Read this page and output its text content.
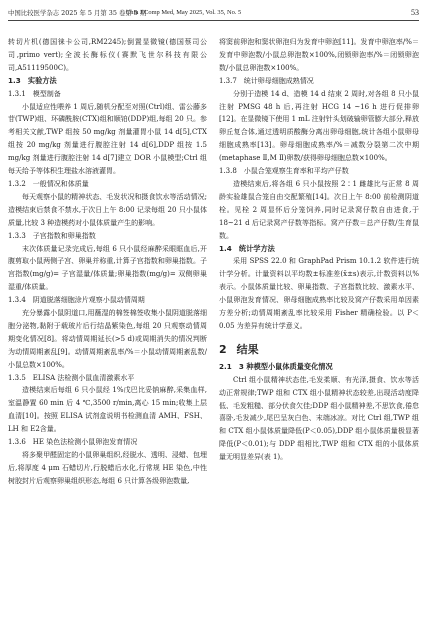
中国比较医学杂志 2025 年 5 月第 35 卷第 5 期
Chin J Comp Med, May 2025, Vol. 35, No. 5	53

转切片机(德国徕卡公司,RM2245);倒置显微镜(德国蔡司公司,primo vert);全波长酶标仪(赛默飞世尔科技有限公司,A51119500C)。

1.3　实验方法
1.3.1　模型制备

小鼠适应性喂养 1 周后,随机分配至对照(Ctrl)组、雷公藤多苷(TWP)组、环磷酰胺(CTX)组和顺铂(DDP)组,每组 20 只。参考相关文献,TWP 组按 50 mg/kg 剂量灌胃小鼠 14 d[5],CTX 组按 20 mg/kg 剂量进行腹腔注射 14 d[6],DDP 组按 1.5 mg/kg 剂量进行腹腔注射 14 d[7]建立 DOR 小鼠模型;Ctrl 组每天给予等体积生理盐水溶液灌胃。

1.3.2　一般情况和体质量

每天观察小鼠的精神状态、毛发状况和摄食饮水等活动情况;造模结束后禁食不禁水,于次日上午 8:00 记录每组 20 只小鼠体质量,比较 3 种造模药对小鼠体质量产生的影响。

1.3.3　子宫指数和卵巢指数

末次体质量记录完成后,每组 6 只小鼠经麻醉采眼眶血后,开腹剪取小鼠两侧子宫、卵巢并称重,计算子宫指数和卵巢指数。子宫指数(mg/g)= 子宫湿量/体质量;卵巢指数(mg/g)= 双侧卵巢湿重/体质量。

1.3.4　阴道脱落细胞涂片观察小鼠动情周期

充分暴露小鼠阴道口,用蘸湿的棉签棉签收集小鼠阴道脱落细胞分泌物,黏附于载玻片后行结晶紫染色,每组 20 只观察动情周期变化情况[8]。将动情周期延长(>5 d)或周期消失的情况判断为动情周期紊乱[9]。动情周期紊乱率/%＝小鼠动情周期紊乱数/小鼠总数×100%。

1.3.5　ELISA 法检测小鼠血清激素水平

造模结束后每组 6 只小鼠经 1%戊巴比妥钠麻醉,采集血样,室温静置 60 min 后 4 ℃,3500 r/min,离心 15 min;收集上层血清[10]。按照 ELISA 试剂盒说明书检测血清 AMH、FSH、LH 和 E2含量。

1.3.6　HE 染色法检测小鼠卵泡发育情况

将多聚甲醛固定的小鼠卵巢组织,经脱水、透明、浸蜡、包埋后,将厚度 4 μm 石蜡切片,行脱蜡后水化,行常规 HE 染色,中性树胶封片后观察卵巢组织形态,每组 6 只计算各级卵泡数量,

将窦前卵泡和窦状卵泡归为发育中卵泡[11]。发育中卵泡率/%＝发育中卵泡数/小鼠总卵泡数×100%,闭锁卵泡率/%＝闭锁卵泡数/小鼠总卵泡数×100%。

1.3.7　统计卵母细胞成熟情况

分别于造模 14 d、造模 14 d 结束 2 周时,对各组 8 只小鼠注射 PMSG 48 h 后,再注射 HCG 14 ~16 h 进行促排卵[12]。在显微镜下使用 1 mL 注射针头划破输卵管膨大部分,释放卵丘复合体,通过透明质酸酶分离出卵母细胞,统计各组小鼠卵母细胞成熟率[13]。卵母细胞成熟率/%＝减数分裂第二次中期(metaphase Ⅱ,M Ⅱ)卵数/获得卵母细胞总数×100%。

1.3.8　小鼠合笼观察生育率和平均产仔数

造模结束后,将各组 6 只小鼠按照 2∶1 雌雄比与正常 8 周龄实验雄鼠合笼自由交配繁殖[14]。次日上午 8:00 前检测阴道栓。见栓 2 周显怀后分笼饲养,同时记录窝仔数自由进食,于 18~21 d 后记录窝产仔数等指标。窝产仔数＝总产仔数/生育鼠数。

1.4　统计学方法

采用 SPSS 22.0 和 GraphPad Prism 10.1.2 软件进行统计学分析。计量资料以平均数±标准差(x̄±s)表示,计数资料以%表示。小鼠体质量比较、卵巢指数、子宫指数比较、激素水平、小鼠卵泡发育情况、卵母细胞成熟率比较及窝产仔数采用单因素方差分析;动情周期紊乱率比较采用 Fisher 精确检验。以 P＜0.05 为差异有统计学意义。

2 结果
2.1　3 种模型小鼠体质量变化情况

Ctrl 组小鼠精神状态佳,毛发柔顺、有光泽,摄食、饮水等活动正常规律;TWP 组和 CTX 组小鼠精神状态较差,出现活动度降低、毛发粗糙、部分伏食欠佳;DDP 组小鼠精神差,不思饮食,倦怠喜卧,毛发减少,尾巴呈灰白色、末端冰凉。对比 Ctrl 组,TWP 组和 CTX 组小鼠体质量降低(P＜0.05),DDP 组小鼠体质量极显著降低(P＜0.01);与 DDP 组相比,TWP 组和 CTX 组的小鼠体质量无明显差异(表 1)。
